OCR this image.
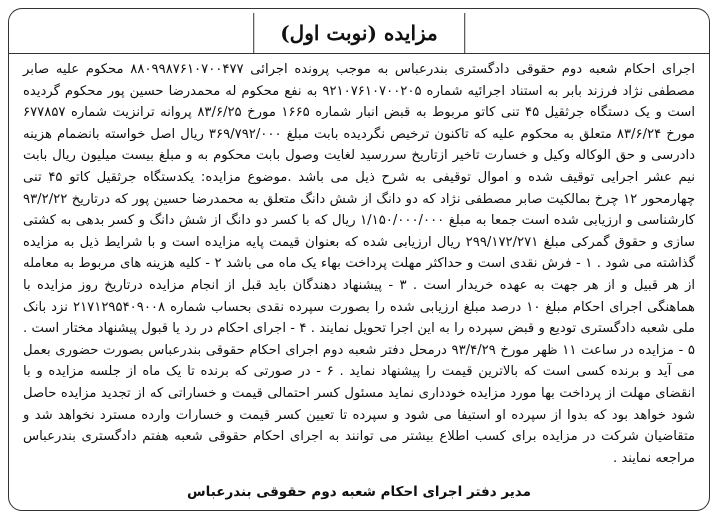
مزایده (نوبت اول)

اجرای احکام شعبه دوم حقوقی دادگستری بندرعباس به موجب پرونده اجرائی ۸۸۰۹۹۸۷۶۱۰۷۰۰۴۷۷ محکوم علیه صابر مصطفی نژاد فرزند بابر به استناد اجرائیه شماره ۹۲۱۰۷۶۱۰۷۰۰۲۰۵ به نفع محکوم له محمدرضا حسین پور محکوم گردیده است و یک دستگاه جرثقیل ۴۵ تنی کاتو مربوط به قبض انبار شماره ۱۶۶۵ مورخ ۸۳/۶/۲۵ پروانه ترانزیت شماره ۶۷۷۸۵۷ مورخ ۸۳/۶/۲۴ متعلق به محکوم علیه که تاکنون ترخیص نگردیده بابت مبلغ ۳۶۹/۷۹۲/۰۰۰ ریال اصل خواسته بانضمام هزینه دادرسی و حق الوکاله وکیل و خسارت تاخیر ازتاریخ سررسید لغایت وصول بابت محکوم به و مبلغ بیست میلیون ریال بابت نیم عشر اجرایی توقیف شده و اموال توقیفی به شرح ذیل می باشد .موضوع مزایده: یکدستگاه جرثقیل کاتو ۴۵ تنی چهارمحور ۱۲ چرخ بمالکیت صابر مصطفی نژاد که دو دانگ از شش دانگ متعلق به محمدرضا حسین پور که درتاریخ ۹۳/۲/۲۲ کارشناسی و ارزیابی شده است جمعا به مبلغ ۱/۱۵۰/۰۰۰/۰۰۰ ریال که با کسر دو دانگ از شش دانگ و کسر بدهی به کشتی سازی و حقوق گمرکی مبلغ ۲۹۹/۱۷۲/۲۷۱ ریال ارزیابی شده که بعنوان قیمت پایه مزایده است و با شرایط ذیل به مزایده گذاشته می شود . ۱ - فرش نقدی است و حداکثر مهلت پرداخت بهاء یک ماه می باشد ۲ - کلیه هزینه های مربوط به معامله از هر قبیل و از هر جهت به عهده خریدار است . ۳ - پیشنهاد دهندگان باید قبل از انجام مزایده درتاریخ روز مزایده با هماهنگی اجرای احکام مبلغ ۱۰ درصد مبلغ ارزیابی شده را بصورت سپرده نقدی بحساب شماره ۲۱۷۱۲۹۵۴۰۹۰۰۸ نزد بانک ملی شعبه دادگستری تودیع و قبض سپرده را به این اجرا تحویل نمایند . ۴ - اجرای احکام در رد یا قبول پیشنهاد مختار است . ۵ - مزایده در ساعت ۱۱ ظهر مورخ ۹۳/۴/۲۹ درمحل دفتر شعبه دوم اجرای احکام حقوقی بندرعباس بصورت حضوری بعمل می آید و برنده کسی است که بالاترین قیمت را پیشنهاد نماید . ۶ - در صورتی که برنده تا یک ماه از جلسه مزایده و با انقضای مهلت از پرداخت بها مورد مزایده خودداری نماید مسئول کسر احتمالی قیمت و خساراتی که از تجدید مزایده حاصل شود خواهد بود که بدوا از سپرده او استیفا می شود و سپرده تا تعیین کسر قیمت و خسارات وارده مسترد نخواهد شد و متقاضیان شرکت در مزایده برای کسب اطلاع بیشتر می توانند به اجرای احکام حقوقی شعبه هفتم دادگستری بندرعباس مراجعه نمایند .

مدیر دفتر اجرای احکام شعبه دوم حقوقی بندرعباس
